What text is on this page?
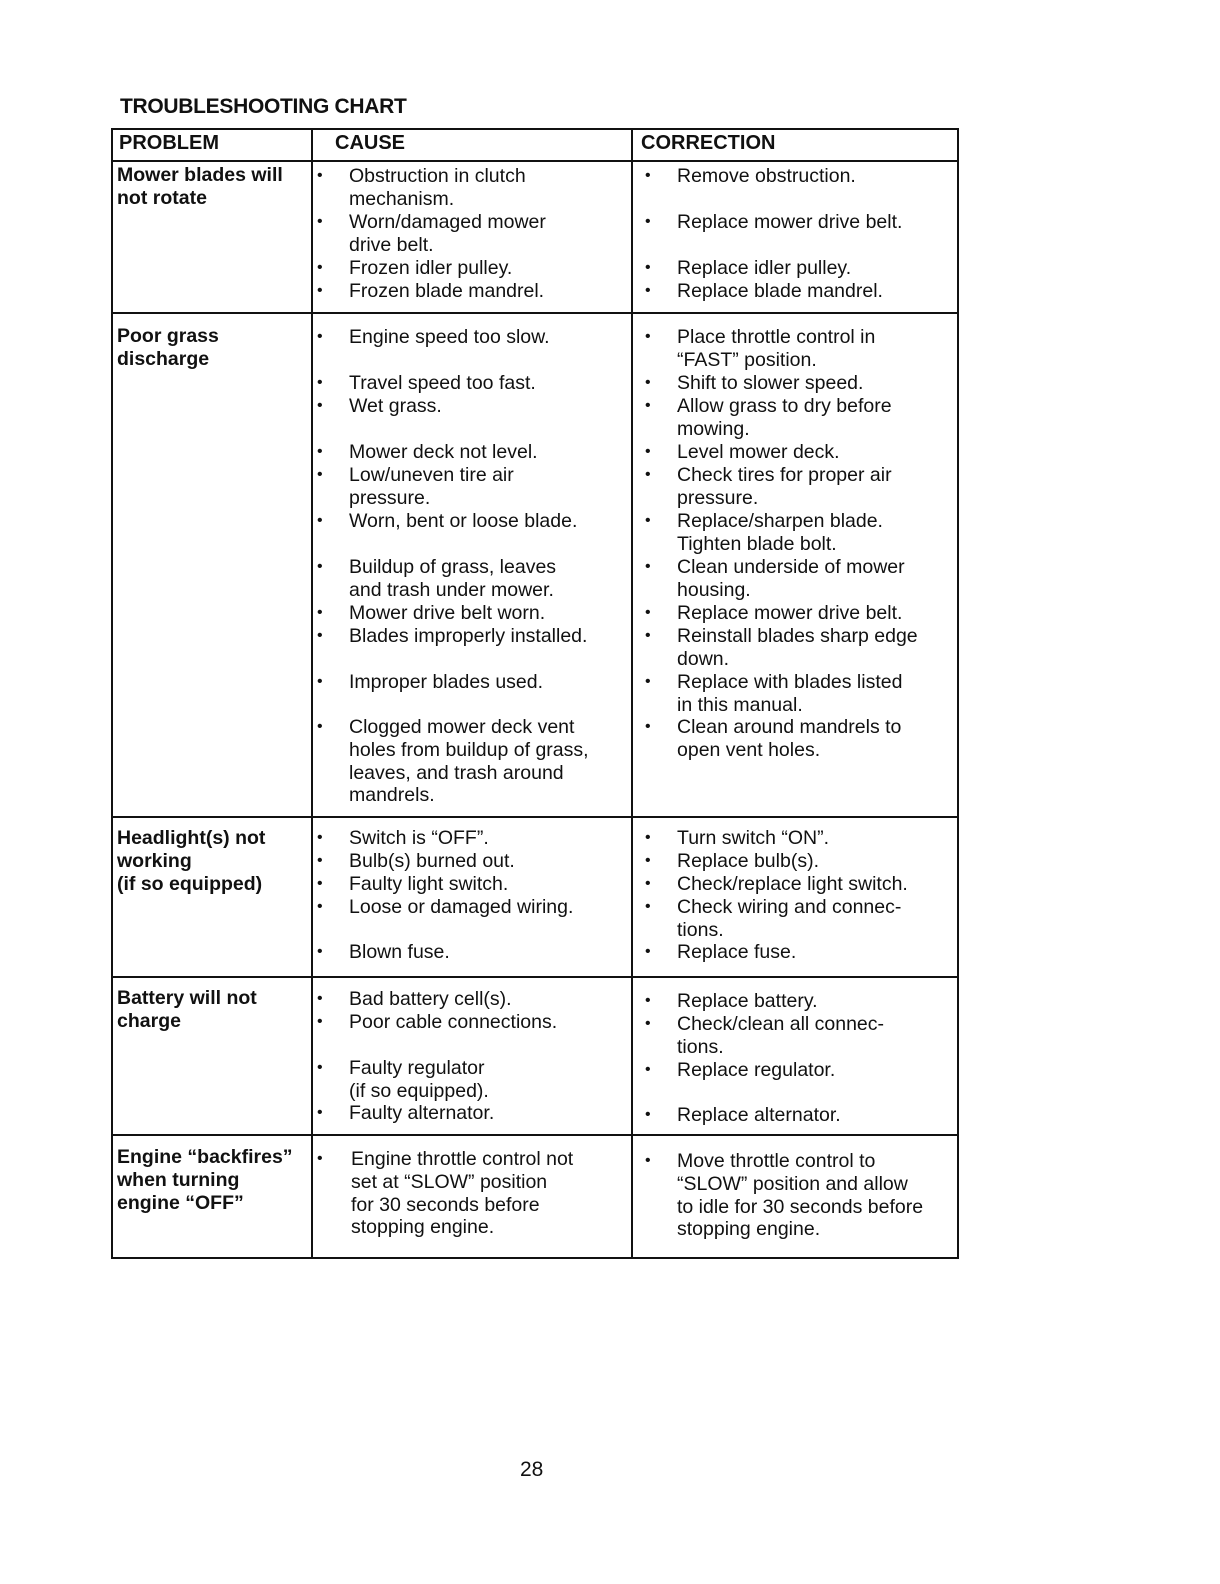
TROUBLESHOOTING CHART
PROBLEM	CAUSE	CORRECTION
Mower blades will
not rotate
• Obstruction in clutch
mechanism.
• Worn/damaged mower
drive belt.
• Frozen idler pulley.
• Frozen blade mandrel.
• Remove obstruction.
• Replace mower drive belt.
• Replace idler pulley.
• Replace blade mandrel.
Poor grass
discharge
• Engine speed too slow.
• Travel speed too fast.
• Wet grass.
• Mower deck not level.
• Low/uneven tire air
pressure.
• Worn, bent or loose blade.
• Buildup of grass, leaves
and trash under mower.
• Mower drive belt worn.
• Blades improperly installed.
• Improper blades used.
• Clogged mower deck vent
holes from buildup of grass,
leaves, and trash around
mandrels.
• Place throttle control in
“FAST” position.
• Shift to slower speed.
• Allow grass to dry before
mowing.
• Level mower deck.
• Check tires for proper air
pressure.
• Replace/sharpen blade.
Tighten blade bolt.
• Clean underside of mower
housing.
• Replace mower drive belt.
• Reinstall blades sharp edge
down.
• Replace with blades listed
in this manual.
• Clean around mandrels to
open vent holes.
Headlight(s) not
working
(if so equipped)
• Switch is “OFF”.
• Bulb(s) burned out.
• Faulty light switch.
• Loose or damaged wiring.
• Blown fuse.
• Turn switch “ON”.
• Replace bulb(s).
• Check/replace light switch.
• Check wiring and connec-
tions.
• Replace fuse.
Battery will not
charge
• Bad battery cell(s).
• Poor cable connections.
• Faulty regulator
(if so equipped).
• Faulty alternator.
• Replace battery.
• Check/clean all connec-
tions.
• Replace regulator.
• Replace alternator.
Engine “backfires”
when turning
engine “OFF”
• Engine throttle control not
set at “SLOW” position
for 30 seconds before
stopping engine.
• Move throttle control to
“SLOW” position and allow
to idle for 30 seconds before
stopping engine.
28
